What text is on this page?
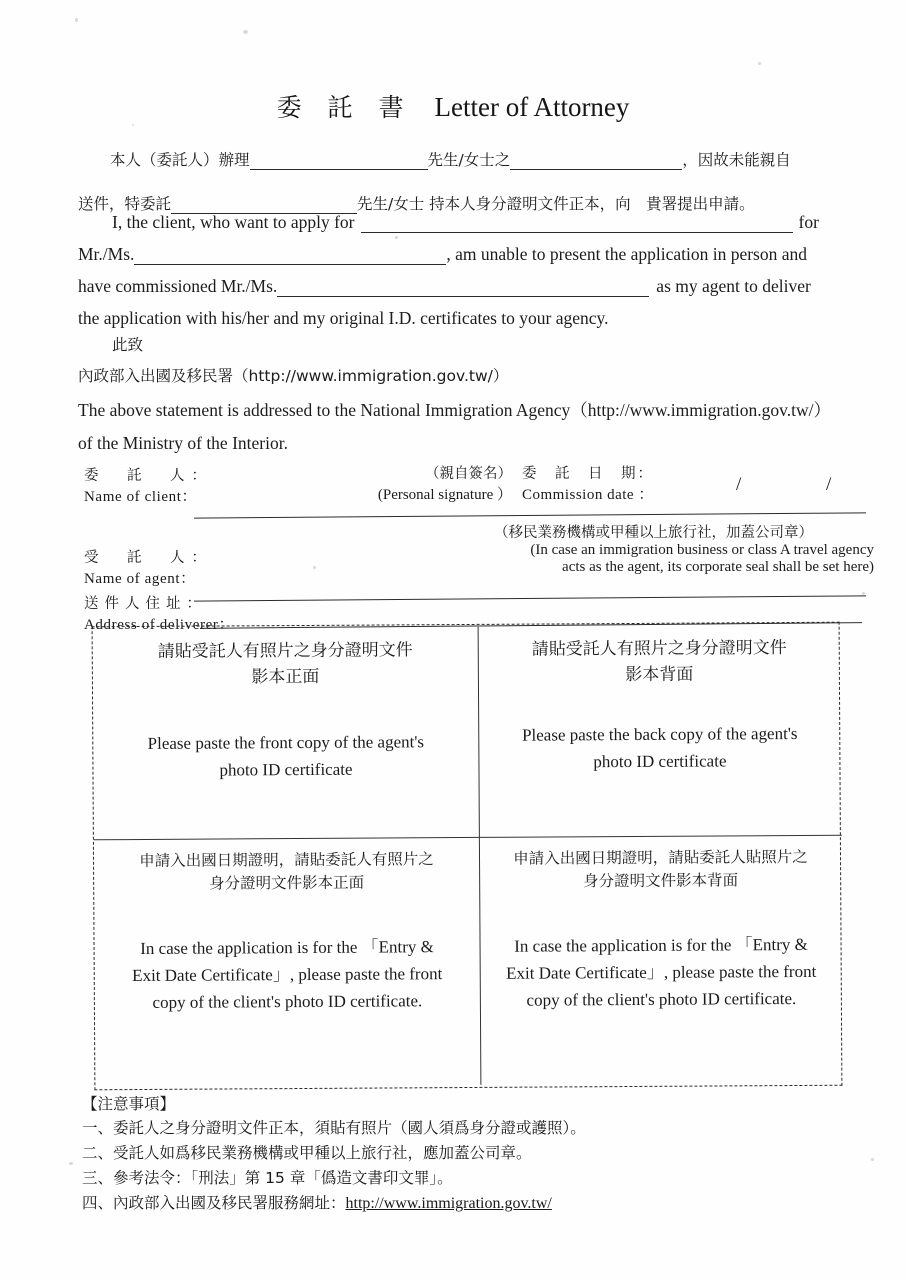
委 託 書 Letter of Attorney
本人（委託人）辦理	先生/女士之	，因故未能親自
送件，特委託	先生/女士 持本人身分證明文件正本，向　貴署提出申請。
I, the client, who want to apply for	for
Mr./Ms.	, am unable to present the application in person and
have commissioned Mr./Ms.	as my agent to deliver
the application with his/her and my original I.D. certificates to your agency.
此致
內政部入出國及移民署（http://www.immigration.gov.tw/）
The above statement is addressed to the National Immigration Agency（http://www.immigration.gov.tw/）
of the Ministry of the Interior.
委　託　人：
Name of client：
（親自簽名）
(Personal signature ）
委　託　日　期：
Commission date ：	/	/
（移民業務機構或甲種以上旅行社，加蓋公司章）
受　託　人：
Name of agent：
(In case an immigration business or class A travel agency
acts as the agent, its corporate seal shall be set here)
送件人住址：
Address of deliverer：
請貼受託人有照片之身分證明文件
影本正面
Please paste the front copy of the agent's
photo ID certificate
請貼受託人有照片之身分證明文件
影本背面
Please paste the back copy of the agent's
photo ID certificate
申請入出國日期證明，請貼委託人有照片之
身分證明文件影本正面
In case the application is for the 「Entry &
Exit Date Certificate」, please paste the front
copy of the client's photo ID certificate.
申請入出國日期證明，請貼委託人貼照片之
身分證明文件影本背面
In case the application is for the 「Entry &
Exit Date Certificate」, please paste the front
copy of the client's photo ID certificate.
【注意事項】
一、委託人之身分證明文件正本，須貼有照片（國人須爲身分證或護照）。
二、受託人如爲移民業務機構或甲種以上旅行社，應加蓋公司章。
三、參考法令：「刑法」第 15 章「僞造文書印文罪」。
四、內政部入出國及移民署服務網址：http://www.immigration.gov.tw/
